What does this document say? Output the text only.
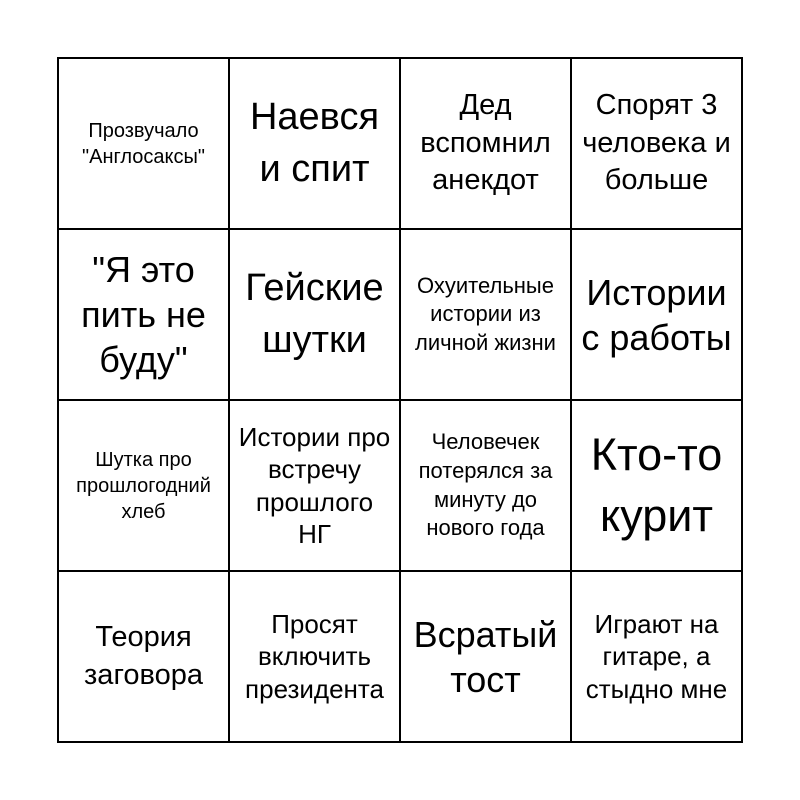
Прозвучало "Англосаксы"
Наевся и спит
Дед вспомнил анекдот
Спорят 3 человека и больше
"Я это пить не буду"
Гейские шутки
Охуительные истории из личной жизни
Истории с работы
Шутка про прошлогодний хлеб
Истории про встречу прошлого НГ
Человечек потерялся за минуту до нового года
Кто-то курит
Теория заговора
Просят включить президента
Всратый тост
Играют на гитаре, а стыдно мне
